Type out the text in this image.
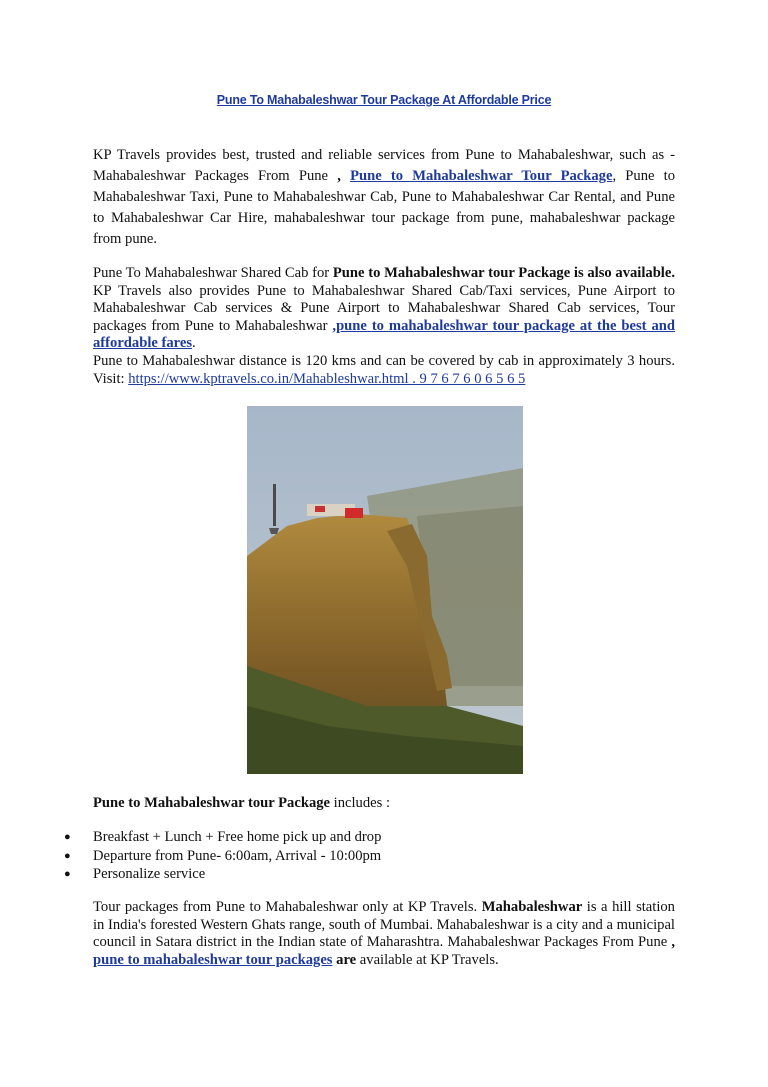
Pune To Mahabaleshwar Tour Package At Affordable Price
KP Travels provides best, trusted and reliable services from Pune to Mahabaleshwar, such as - Mahabaleshwar Packages From Pune , Pune to Mahabaleshwar Tour Package, Pune to Mahabaleshwar Taxi, Pune to Mahabaleshwar Cab, Pune to Mahabaleshwar Car Rental, and Pune to Mahabaleshwar Car Hire, mahabaleshwar tour package from pune, mahabaleshwar package from pune.
Pune To Mahabaleshwar Shared Cab for Pune to Mahabaleshwar tour Package is also available. KP Travels also provides Pune to Mahabaleshwar Shared Cab/Taxi services, Pune Airport to Mahabaleshwar Cab services & Pune Airport to Mahabaleshwar Shared Cab services, Tour packages from Pune to Mahabaleshwar ,pune to mahabaleshwar tour package at the best and affordable fares.
Pune to Mahabaleshwar distance is 120 kms and can be covered by cab in approximately 3 hours. Visit: https://www.kptravels.co.in/Mahableshwar.html . 9 7 6 7 6 0 6 5 6 5
Pune to Mahabaleshwar tour Package includes :
● Breakfast + Lunch + Free home pick up and drop
● Departure from Pune- 6:00am, Arrival - 10:00pm
● Personalize service
Tour packages from Pune to Mahabaleshwar only at KP Travels. Mahabaleshwar is a hill station in India's forested Western Ghats range, south of Mumbai. Mahabaleshwar is a city and a municipal council in Satara district in the Indian state of Maharashtra. Mahabaleshwar Packages From Pune , pune to mahabaleshwar tour packages are available at KP Travels.
